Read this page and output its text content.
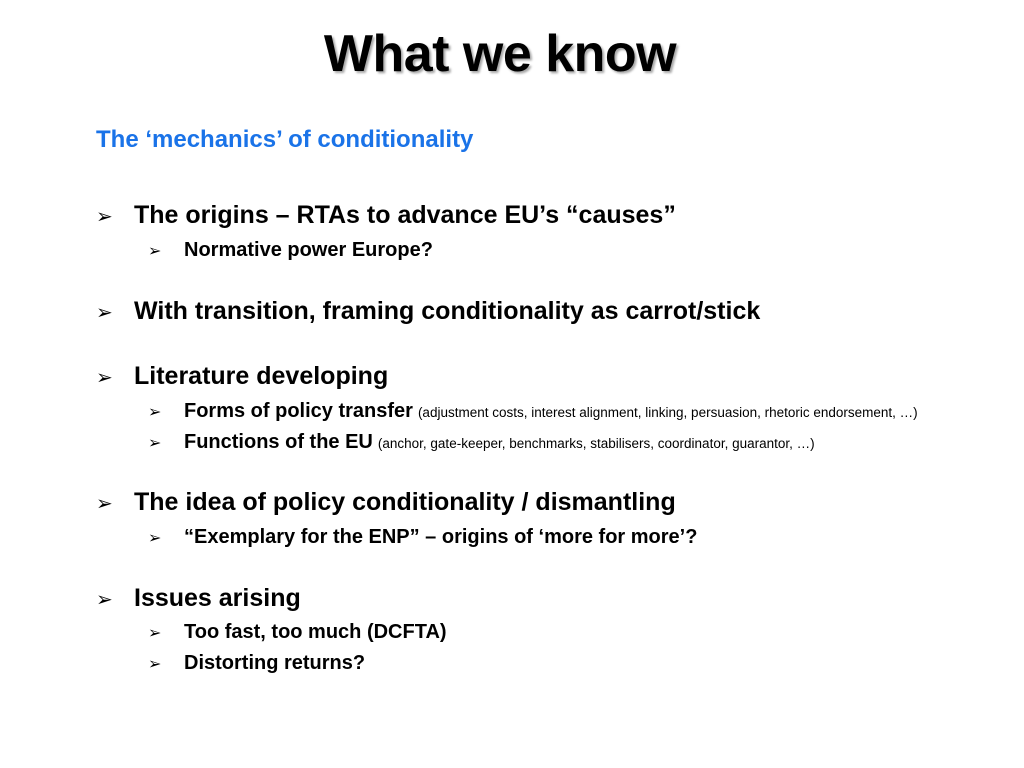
What we know
The ‘mechanics’ of conditionality
➢ The origins – RTAs to advance EU’s “causes”
➢	Normative power Europe?
➢ With transition, framing conditionality as carrot/stick
➢ Literature developing
➢	Forms of policy transfer (adjustment costs, interest alignment, linking, persuasion, rhetoric endorsement, …)
➢	Functions of the EU (anchor, gate-keeper, benchmarks, stabilisers, coordinator, guarantor, …)
➢ The idea of policy conditionality / dismantling
➢	“Exemplary for the ENP” – origins of ‘more for more’?
➢ Issues arising
➢	Too fast, too much (DCFTA)
➢	Distorting returns?
